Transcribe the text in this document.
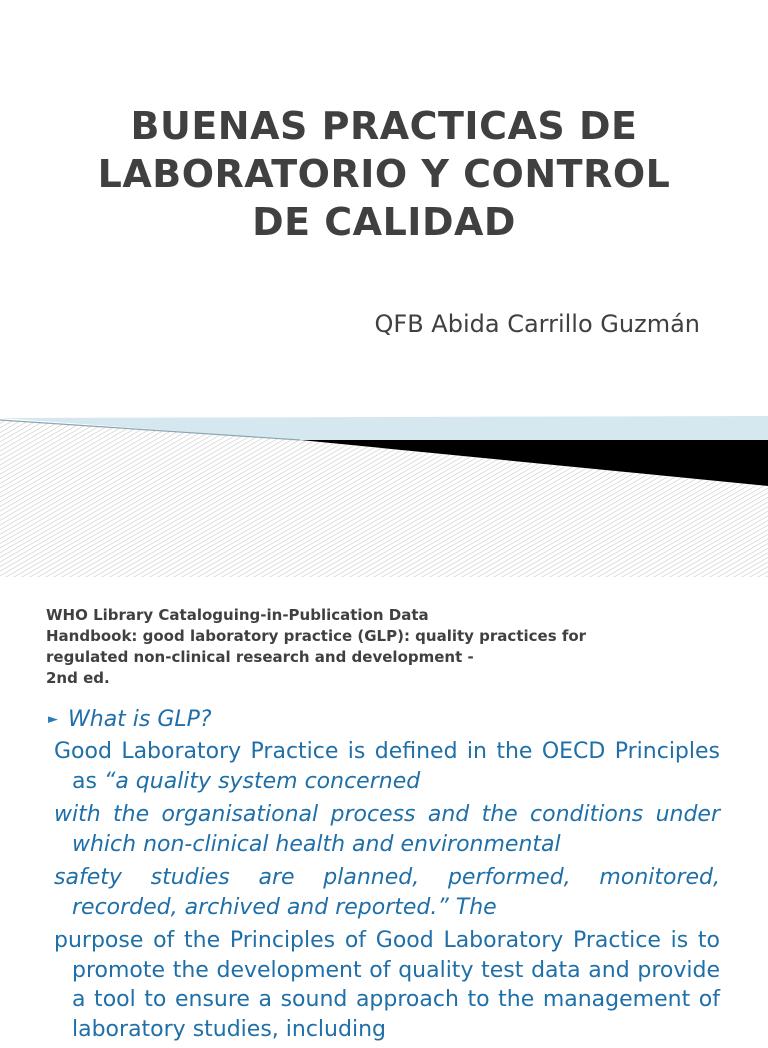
BUENAS PRACTICAS DE
LABORATORIO Y CONTROL
DE CALIDAD
QFB Abida Carrillo Guzmán
WHO Library Cataloguing-in-Publication Data
Handbook: good laboratory practice (GLP): quality practices for
regulated non-clinical research and development -
2nd ed.
► What is GLP?

Good Laboratory Practice is defined in the OECD Principles as “a quality system concerned

with the organisational process and the conditions under which non-clinical health and environmental

safety studies are planned, performed, monitored, recorded, archived and reported.” The

purpose of the Principles of Good Laboratory Practice is to promote the development of quality test data and provide a tool to ensure a sound approach to the management of laboratory studies, including
